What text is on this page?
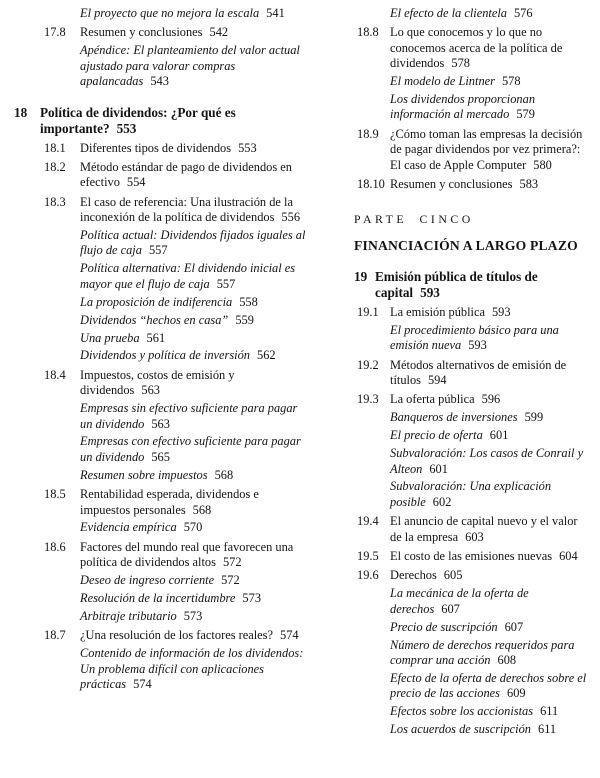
El proyecto que no mejora la escala 541
17.8	Resumen y conclusiones 542
Apéndice: El planteamiento del valor actual ajustado para valorar compras apalancadas 543
18 Política de dividendos: ¿Por qué es importante? 553
18.1	Diferentes tipos de dividendos 553
18.2	Método estándar de pago de dividendos en efectivo 554
18.3	El caso de referencia: Una ilustración de la inconexión de la política de dividendos 556
Política actual: Dividendos fijados iguales al flujo de caja 557
Política alternativa: El dividendo inicial es mayor que el flujo de caja 557
La proposición de indiferencia 558
Dividendos “hechos en casa” 559
Una prueba 561
Dividendos y política de inversión 562
18.4	Impuestos, costos de emisión y dividendos 563
Empresas sin efectivo suficiente para pagar un dividendo 563
Empresas con efectivo suficiente para pagar un dividendo 565
Resumen sobre impuestos 568
18.5	Rentabilidad esperada, dividendos e impuestos personales 568
Evidencia empírica 570
18.6	Factores del mundo real que favorecen una política de dividendos altos 572
Deseo de ingreso corriente 572
Resolución de la incertidumbre 573
Arbitraje tributario 573
18.7	¿Una resolución de los factores reales? 574
Contenido de información de los dividendos: Un problema difícil con aplicaciones prácticas 574
El efecto de la clientela 576
18.8 Lo que conocemos y lo que no conocemos acerca de la política de dividendos 578
El modelo de Lintner 578
Los dividendos proporcionan información al mercado 579
18.9 ¿Cómo toman las empresas la decisión de pagar dividendos por vez primera?: El caso de Apple Computer 580
18.10 Resumen y conclusiones 583
PARTE CINCO
FINANCIACIÓN A LARGO PLAZO
19 Emisión pública de títulos de capital 593
19.1 La emisión pública 593
El procedimiento básico para una emisión nueva 593
19.2 Métodos alternativos de emisión de títulos 594
19.3 La oferta pública 596
Banqueros de inversiones 599
El precio de oferta 601
Subvaloración: Los casos de Conrail y Alteon 601
Subvaloración: Una explicación posible 602
19.4 El anuncio de capital nuevo y el valor de la empresa 603
19.5 El costo de las emisiones nuevas 604
19.6 Derechos 605
La mecánica de la oferta de derechos 607
Precio de suscripción 607
Número de derechos requeridos para comprar una acción 608
Efecto de la oferta de derechos sobre el precio de las acciones 609
Efectos sobre los accionistas 611
Los acuerdos de suscripción 611
